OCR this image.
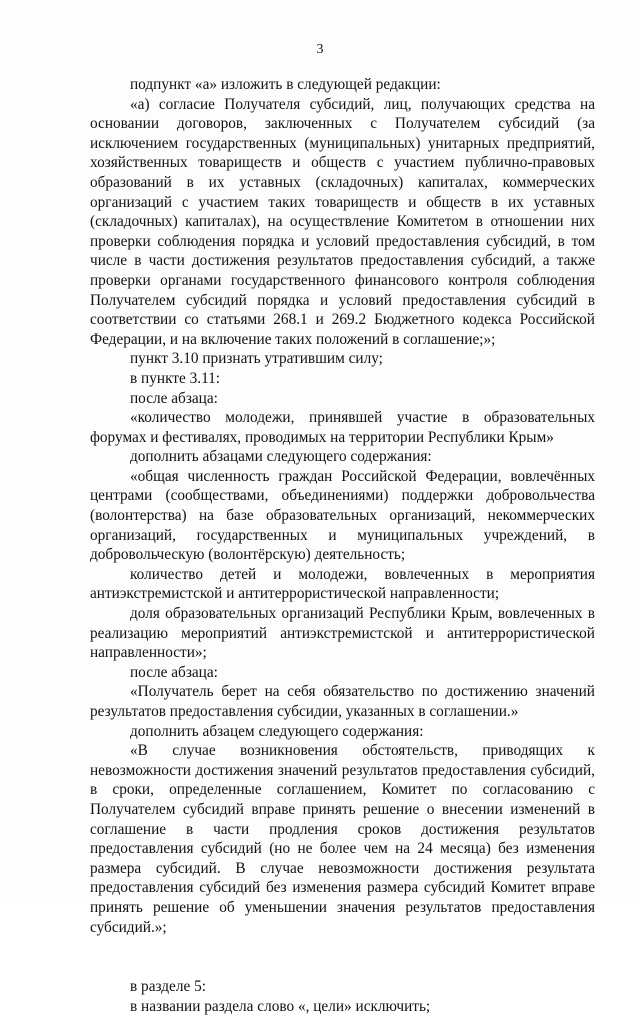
3

подпункт «а» изложить в следующей редакции:

«а) согласие Получателя субсидий, лиц, получающих средства на основании договоров, заключенных с Получателем субсидий (за исключением государственных (муниципальных) унитарных предприятий, хозяйственных товариществ и обществ с участием публично-правовых образований в их уставных (складочных) капиталах, коммерческих организаций с участием таких товариществ и обществ в их уставных (складочных) капиталах), на осуществление Комитетом в отношении них проверки соблюдения порядка и условий предоставления субсидий, в том числе в части достижения результатов предоставления субсидий, а также проверки органами государственного финансового контроля соблюдения Получателем субсидий порядка и условий предоставления субсидий в соответствии со статьями 268.1 и 269.2 Бюджетного кодекса Российской Федерации, и на включение таких положений в соглашение;»;

пункт 3.10 признать утратившим силу;

в пункте 3.11:

после абзаца:

«количество молодежи, принявшей участие в образовательных форумах и фестивалях, проводимых на территории Республики Крым»

дополнить абзацами следующего содержания:

«общая численность граждан Российской Федерации, вовлечённых центрами (сообществами, объединениями) поддержки добровольчества (волонтерства) на базе образовательных организаций, некоммерческих организаций, государственных и муниципальных учреждений, в добровольческую (волонтёрскую) деятельность;

количество детей и молодежи, вовлеченных в мероприятия антиэкстремистской и антитеррористической направленности;

доля образовательных организаций Республики Крым, вовлеченных в реализацию мероприятий антиэкстремистской и антитеррористической направленности»;

после абзаца:

«Получатель берет на себя обязательство по достижению значений результатов предоставления субсидии, указанных в соглашении.»

дополнить абзацем следующего содержания:

«В случае возникновения обстоятельств, приводящих к невозможности достижения значений результатов предоставления субсидий, в сроки, определенные соглашением, Комитет по согласованию с Получателем субсидий вправе принять решение о внесении изменений в соглашение в части продления сроков достижения результатов предоставления субсидий (но не более чем на 24 месяца) без изменения размера субсидий. В случае невозможности достижения результата предоставления субсидий без изменения размера субсидий Комитет вправе принять решение об уменьшении значения результатов предоставления субсидий.»;

в разделе 5:

в названии раздела слово «, цели» исключить;
